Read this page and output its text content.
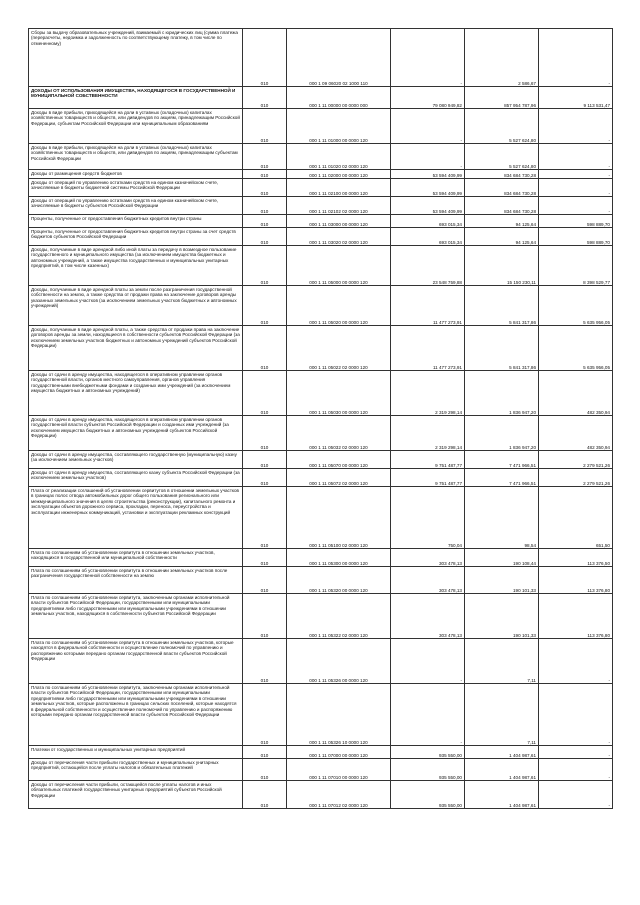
Сборы за выдачу образовательных учреждений, взимаемый с юридических лиц (сумма платежа (перерасчеты, недоимка и задолженность по соответствующему платежу, в том числе по отмененному)	010	000 1 09 06020 02 1000 110	-	2 586,67	-
ДОХОДЫ ОТ ИСПОЛЬЗОВАНИЯ ИМУЩЕСТВА, НАХОДЯЩЕГОСЯ В ГОСУДАРСТВЕННОЙ И МУНИЦИПАЛЬНОЙ СОБСТВЕННОСТИ	010	000 1 11 00000 00 0000 000	79 080 949,82	857 954 787,96	9 113 531,47
Доходы в виде прибыли, приходящейся на доли в уставных (складочных) капиталах хозяйственных товариществ и обществ, или дивидендов по акциям, принадлежащим Российской Федерации, субъектам Российской Федерации или муниципальным образованиям	010	000 1 11 01000 00 0000 120	-	5 527 624,80	-
Доходы в виде прибыли, приходящейся на доли в уставных (складочных) капиталах хозяйственных товариществ и обществ, или дивидендов по акциям, принадлежащим субъектам Российской Федерации	010	000 1 11 01020 02 0000 120	-	5 527 624,80	-
Доходы от размещения средств бюджетов	010	000 1 11 02000 00 0000 120	53 594 409,99	834 684 730,28	-
Доходы от операций по управлению остатками средств на едином казначейском счете, зачисляемые в бюджеты бюджетной системы Российской Федерации	010	000 1 11 02100 00 0000 120	53 594 409,99	834 684 730,28	-
Доходы от операций по управлению остатками средств на едином казначейском счете, зачисляемые в бюджеты субъектов Российской Федерации	010	000 1 11 02102 02 0000 120	53 594 409,99	834 684 730,28	-
Проценты, полученные от предоставления бюджетных кредитов внутри страны	010	000 1 11 03000 00 0000 120	693 015,34	94 125,64	598 889,70
Проценты, полученные от предоставления бюджетных кредитов внутри страны за счет средств бюджетов субъектов Российской Федерации	010	000 1 11 03020 02 0000 120	693 015,34	94 125,64	598 889,70
Доходы, получаемые в виде арендной либо иной платы за передачу в возмездное пользование государственного и муниципального имущества (за исключением имущества бюджетных и автономных учреждений, а также имущества государственных и муниципальных унитарных предприятий, в том числе казенных)	010	000 1 11 05000 00 0000 120	23 548 759,88	15 150 230,11	8 398 529,77
Доходы, получаемые в виде арендной платы за земли после разграничения государственной собственности на землю, а также средства от продажи права на заключение договоров аренды указанных земельных участков (за исключением земельных участков бюджетных и автономных учреждений)	010	000 1 11 05020 00 0000 120	11 477 273,91	5 841 317,86	5 635 956,05
Доходы, получаемые в виде арендной платы, а также средства от продажи права на заключение договоров аренды за земли, находящиеся в собственности субъектов Российской Федерации (за исключением земельных участков бюджетных и автономных учреждений субъектов Российской Федерации)	010	000 1 11 05022 02 0000 120	11 477 273,91	5 841 317,86	5 635 956,05
Доходы от сдачи в аренду имущества, находящегося в оперативном управлении органов государственной власти, органов местного самоуправления, органов управления государственными внебюджетными фондами и созданных ими учреждений (за исключением имущества бюджетных и автономных учреждений)	010	000 1 11 05030 00 0000 120	2 319 298,14	1 836 947,20	482 350,94
Доходы от сдачи в аренду имущества, находящегося в оперативном управлении органов государственной власти субъектов Российской Федерации и созданных ими учреждений (за исключением имущества бюджетных и автономных учреждений субъектов Российской Федерации)	010	000 1 11 05032 02 0000 120	2 319 298,14	1 836 947,20	482 350,94
Доходы от сдачи в аренду имущества, составляющего государственную (муниципальную) казну (за исключением земельных участков)	010	000 1 11 05070 00 0000 120	9 751 487,77	7 471 966,51	2 279 521,26
Доходы от сдачи в аренду имущества, составляющего казну субъекта Российской Федерации (за исключением земельных участков)	010	000 1 11 05072 02 0000 120	9 751 487,77	7 471 966,51	2 279 521,26
Плата от реализации соглашений об установлении сервитутов в отношении земельных участков в границах полос отвода автомобильных дорог общего пользования регионального или межмуниципального значения в целях строительства (реконструкции), капитального ремонта и эксплуатации объектов дорожного сервиса, прокладки, переноса, переустройства и эксплуатации инженерных коммуникаций, установки и эксплуатации рекламных конструкций	010	000 1 11 05100 02 0000 120	750,04	98,54	651,50
Плата по соглашениям об установлении сервитута в отношении земельных участков, находящихся в государственной или муниципальной собственности	010	000 1 11 05300 00 0000 120	303 478,13	190 108,44	113 376,50
Плата по соглашениям об установлении сервитута в отношении земельных участков после разграничения государственной собственности на землю	010	000 1 11 05320 00 0000 120	303 478,13	190 101,33	113 376,80
Плата по соглашениям об установлении сервитута, заключенным органами исполнительной власти субъектов Российской Федерации, государственными или муниципальными предприятиями либо государственными или муниципальными учреждениями в отношении земельных участков, находящихся в собственности субъектов Российской Федерации	010	000 1 11 05322 02 0000 120	303 478,13	190 101,33	113 376,80
Плата по соглашениям об установлении сервитута в отношении земельных участков, которые находятся в федеральной собственности и осуществление полномочий по управлению и распоряжению которыми передано органам государственной власти субъектов Российской Федерации	010	000 1 11 05326 00 0000 120	-	7,11	-
Плата по соглашениям об установлении сервитута, заключенным органами исполнительной власти субъектов Российской Федерации, государственными или муниципальными предприятиями либо государственными или муниципальными учреждениями в отношении земельных участков, которые расположены в границах сельских поселений, которые находятся в федеральной собственности и осуществление полномочий по управлению и распоряжению которыми передано органам государственной власти субъектов Российской Федерации	010	000 1 11 05326 10 0000 120	-	7,11	-
Платежи от государственных и муниципальных унитарных предприятий	010	000 1 11 07000 00 0000 120	935 550,00	1 404 987,61	-
Доходы от перечисления части прибыли государственных и муниципальных унитарных предприятий, остающейся после уплаты налогов и обязательных платежей	010	000 1 11 07010 00 0000 120	935 550,00	1 404 987,61	-
Доходы от перечисления части прибыли, остающейся после уплаты налогов и иных обязательных платежей государственных унитарных предприятий субъектов Российской Федерации	010	000 1 11 07012 02 0000 120	935 550,00	1 404 987,61	-
